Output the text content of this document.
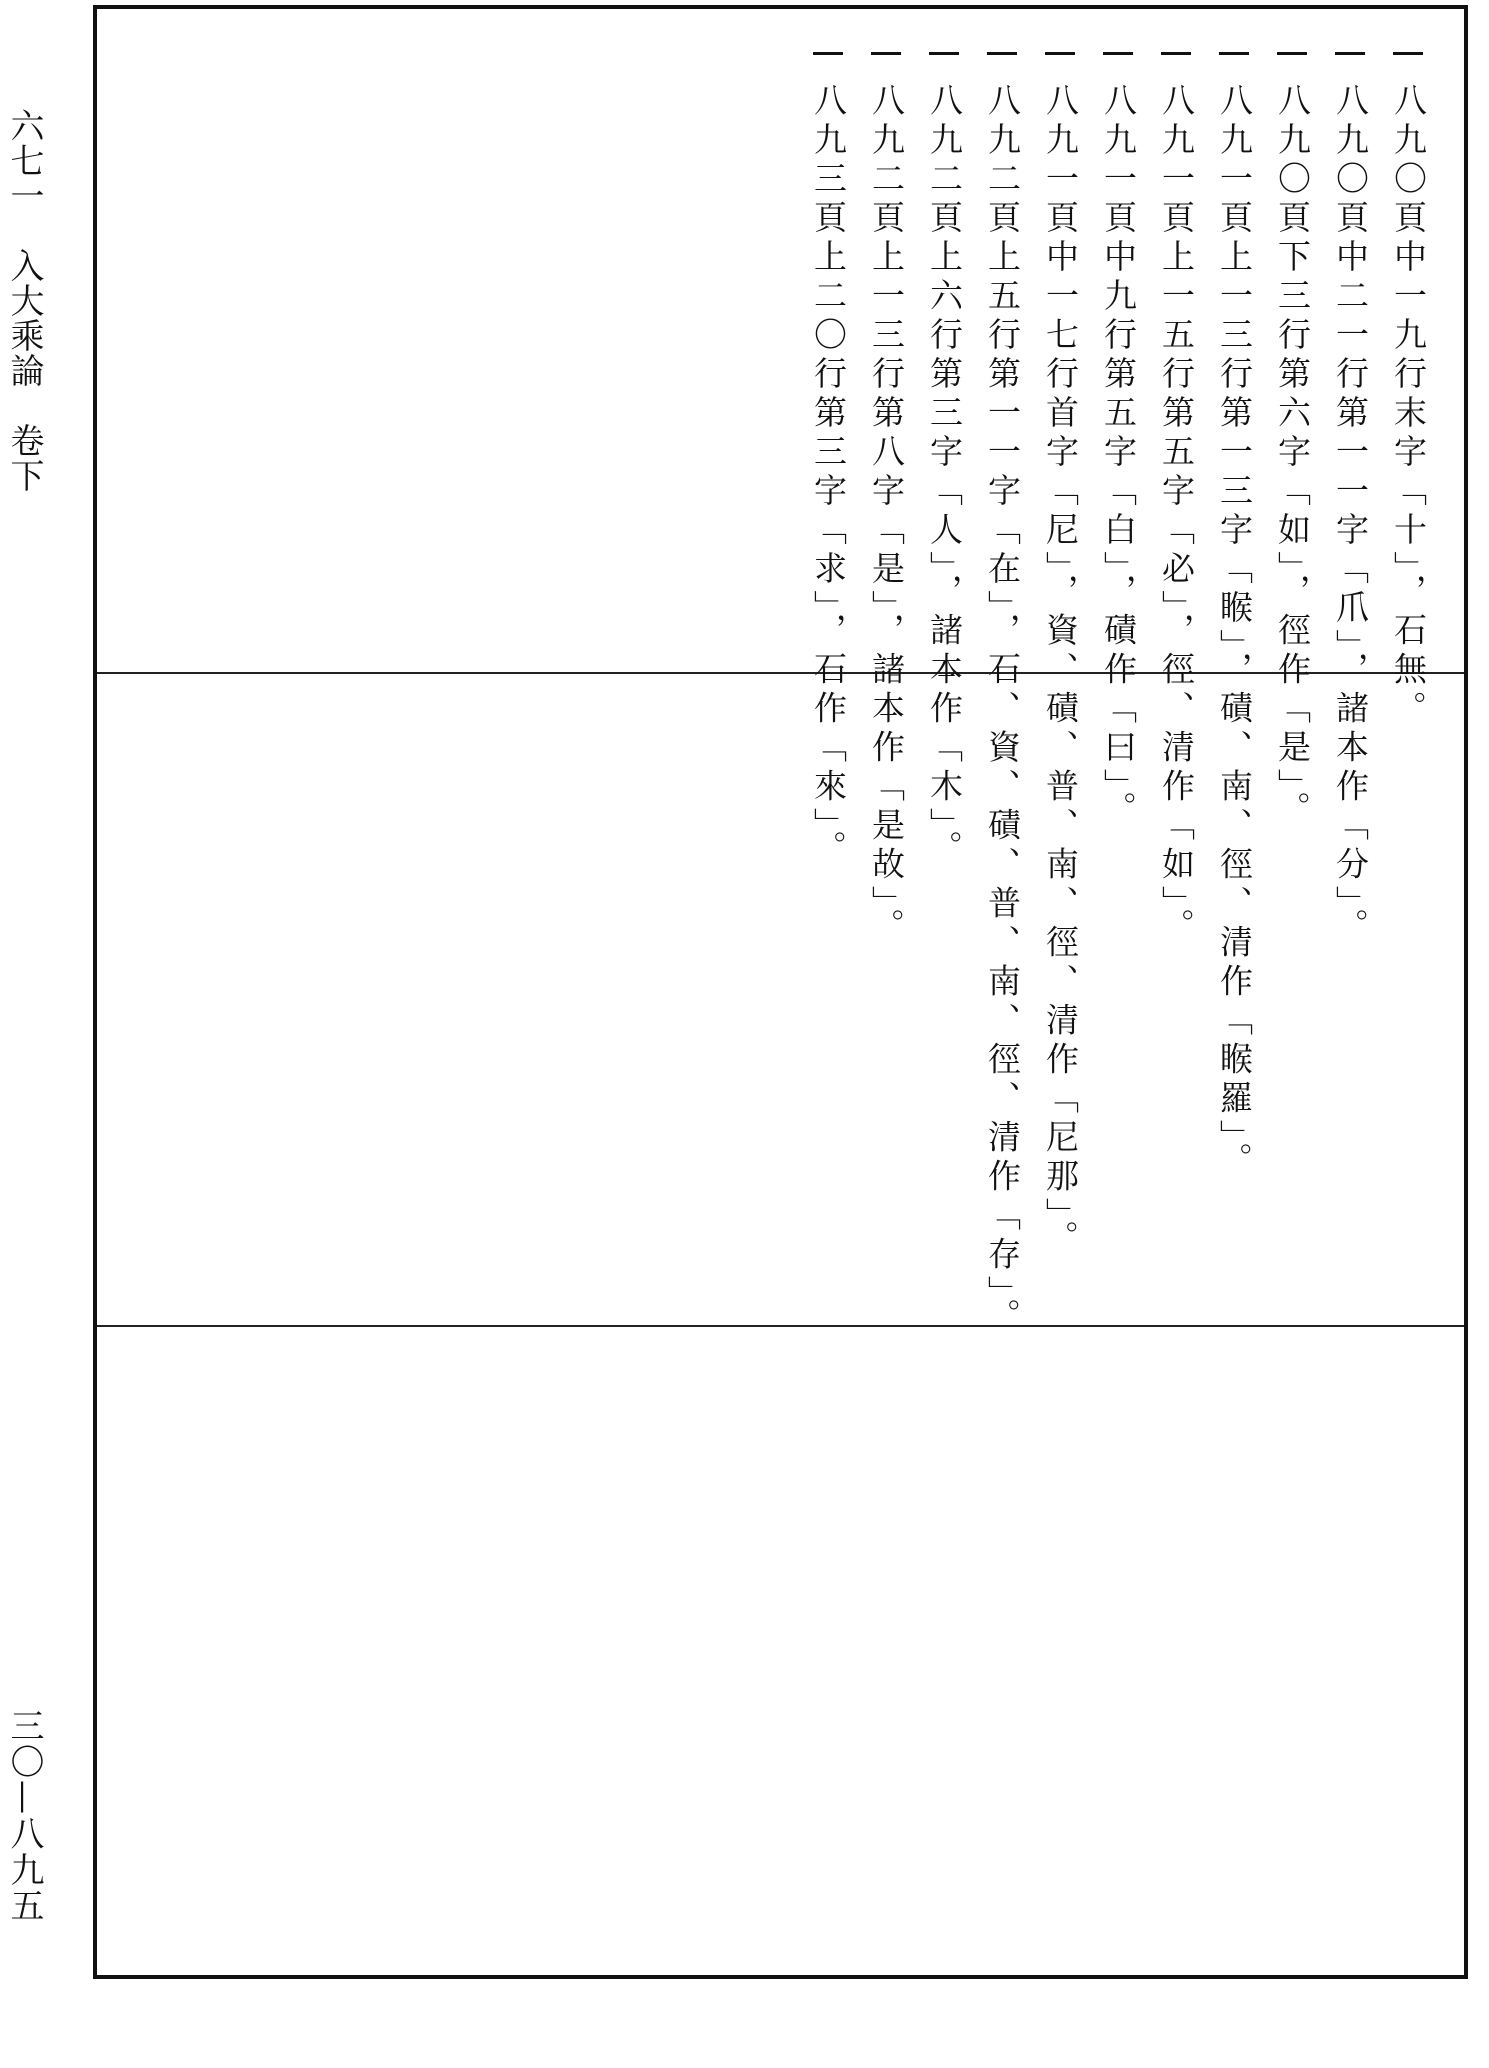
六七一　入大乘論　卷下
三〇—八九五
八九〇頁中一九行末字「十」，石無。
八九〇頁中二一行第一一字「爪」，諸本作「分」。
八九〇頁下三行第六字「如」，徑作「是」。
八九一頁上一三行第一三字「睺」，磧、南、徑、清作「睺羅」。
八九一頁上一五行第五字「必」，徑、清作「如」。
八九一頁中九行第五字「白」，磧作「曰」。
八九一頁中一七行首字「尼」，資、磧、普、南、徑、清作「尼那」。
八九二頁上五行第一一字「在」，石、資、磧、普、南、徑、清作「存」。
八九二頁上六行第三字「人」，諸本作「木」。
八九二頁上一三行第八字「是」，諸本作「是故」。
八九三頁上二〇行第三字「求」，石作「來」。
